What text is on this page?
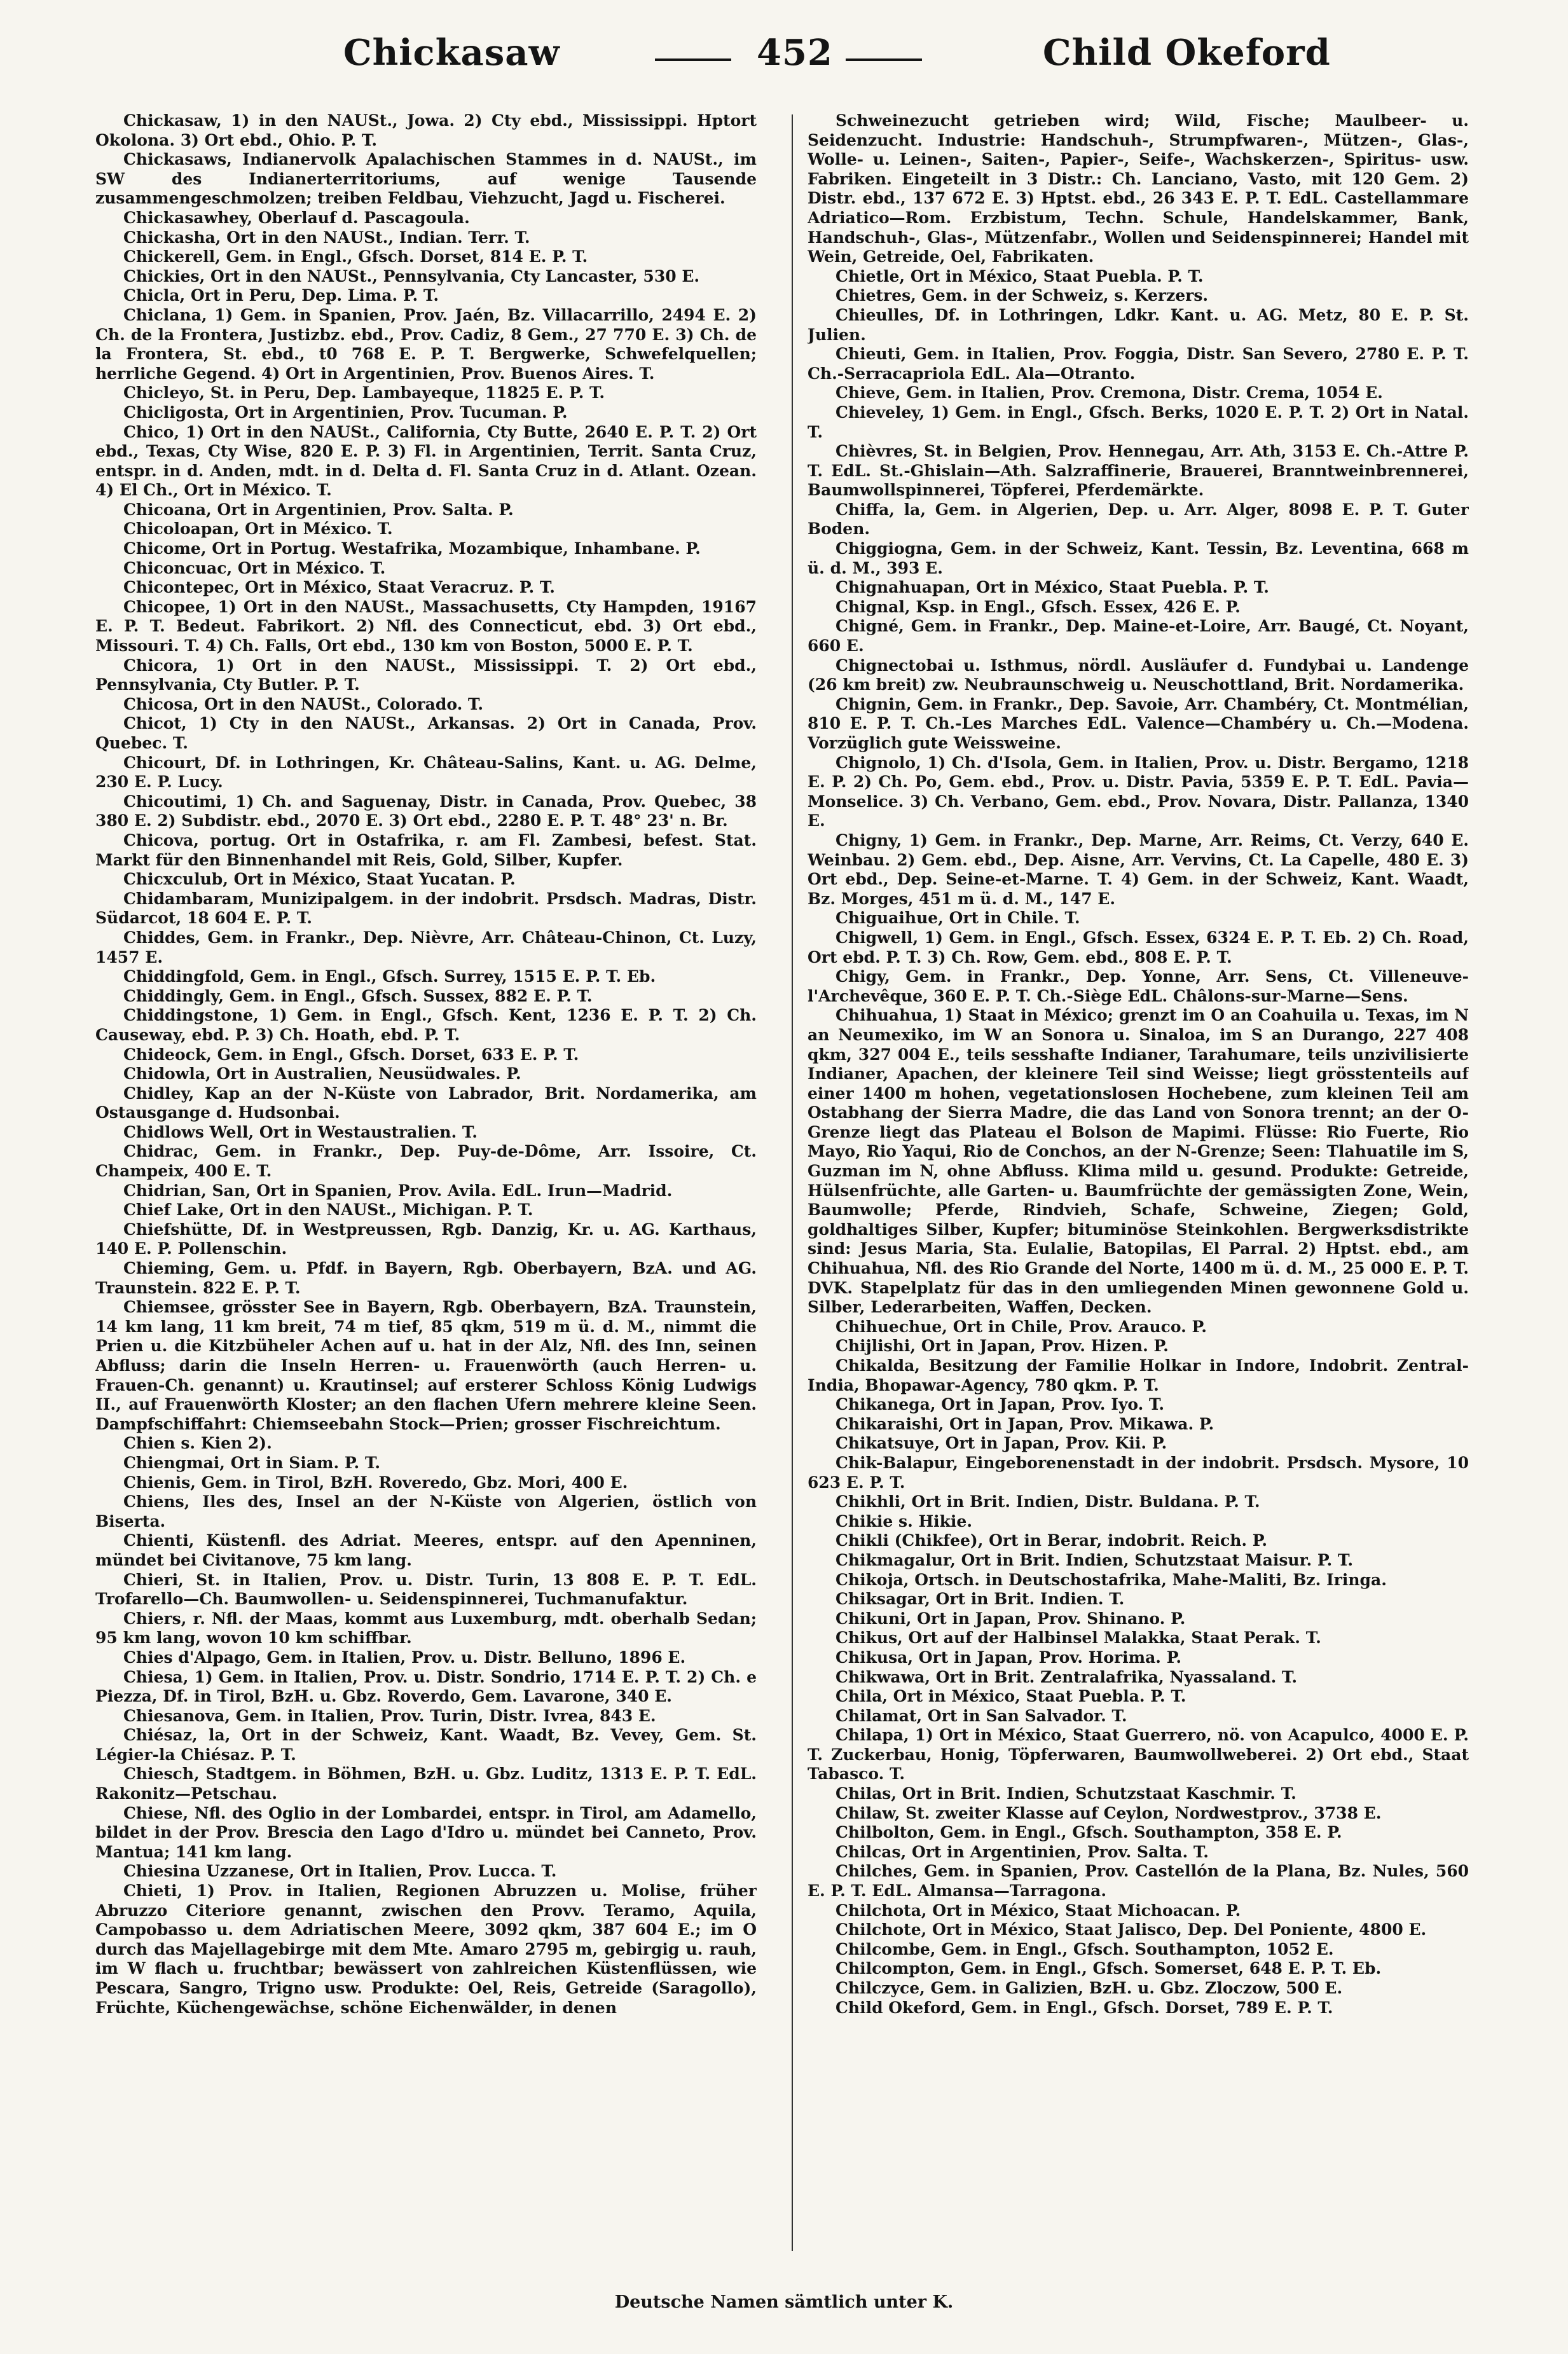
Chickasaw	452	Child Okeford

Chickasaw, 1) in den NAUSt., Jowa. 2) Cty ebd., Mississippi. Hptort Okolona. 3) Ort ebd., Ohio. P. T.

Chickasaws, Indianervolk Apalachischen Stammes in d. NAUSt., im SW des Indianerterritoriums, auf wenige Tausende zusammengeschmolzen; treiben Feldbau, Viehzucht, Jagd u. Fischerei.

Chickasawhey, Oberlauf d. Pascagoula.

Chickasha, Ort in den NAUSt., Indian. Terr. T.

Chickerell, Gem. in Engl., Gfsch. Dorset, 814 E. P. T.

Chickies, Ort in den NAUSt., Pennsylvania, Cty Lancaster, 530 E.

Chicla, Ort in Peru, Dep. Lima. P. T.

Chiclana, 1) Gem. in Spanien, Prov. Jaén, Bz. Villacarrillo, 2494 E. 2) Ch. de la Frontera, Justizbz. ebd., Prov. Cadiz, 8 Gem., 27 770 E. 3) Ch. de la Frontera, St. ebd., t0 768 E. P. T. Bergwerke, Schwefelquellen; herrliche Gegend. 4) Ort in Argentinien, Prov. Buenos Aires. T.

Chicleyo, St. in Peru, Dep. Lambayeque, 11825 E. P. T.

Chicligosta, Ort in Argentinien, Prov. Tucuman. P.

Chico, 1) Ort in den NAUSt., California, Cty Butte, 2640 E. P. T. 2) Ort ebd., Texas, Cty Wise, 820 E. P. 3) Fl. in Argentinien, Territ. Santa Cruz, entspr. in d. Anden, mdt. in d. Delta d. Fl. Santa Cruz in d. Atlant. Ozean. 4) El Ch., Ort in México. T.

Chicoana, Ort in Argentinien, Prov. Salta. P.

Chicoloapan, Ort in México. T.

Chicome, Ort in Portug. Westafrika, Mozambique, Inhambane. P.

Chiconcuac, Ort in México. T.

Chicontepec, Ort in México, Staat Veracruz. P. T.

Chicopee, 1) Ort in den NAUSt., Massachusetts, Cty Hampden, 19167 E. P. T. Bedeut. Fabrikort. 2) Nfl. des Connecticut, ebd. 3) Ort ebd., Missouri. T. 4) Ch. Falls, Ort ebd., 130 km von Boston, 5000 E. P. T.

Chicora, 1) Ort in den NAUSt., Mississippi. T. 2) Ort ebd., Pennsylvania, Cty Butler. P. T.

Chicosa, Ort in den NAUSt., Colorado. T.

Chicot, 1) Cty in den NAUSt., Arkansas. 2) Ort in Canada, Prov. Quebec. T.

Chicourt, Df. in Lothringen, Kr. Château-Salins, Kant. u. AG. Delme, 230 E. P. Lucy.

Chicoutimi, 1) Ch. and Saguenay, Distr. in Canada, Prov. Quebec, 38 380 E. 2) Subdistr. ebd., 2070 E. 3) Ort ebd., 2280 E. P. T. 48° 23' n. Br.

Chicova, portug. Ort in Ostafrika, r. am Fl. Zambesi, befest. Stat. Markt für den Binnenhandel mit Reis, Gold, Silber, Kupfer.

Chicxculub, Ort in México, Staat Yucatan. P.

Chidambaram, Munizipalgem. in der indobrit. Prsdsch. Madras, Distr. Südarcot, 18 604 E. P. T.

Chiddes, Gem. in Frankr., Dep. Nièvre, Arr. Château-Chinon, Ct. Luzy, 1457 E.

Chiddingfold, Gem. in Engl., Gfsch. Surrey, 1515 E. P. T. Eb.

Chiddingly, Gem. in Engl., Gfsch. Sussex, 882 E. P. T.

Chiddingstone, 1) Gem. in Engl., Gfsch. Kent, 1236 E. P. T. 2) Ch. Causeway, ebd. P. 3) Ch. Hoath, ebd. P. T.

Chideock, Gem. in Engl., Gfsch. Dorset, 633 E. P. T.

Chidowla, Ort in Australien, Neusüdwales. P.

Chidley, Kap an der N-Küste von Labrador, Brit. Nordamerika, am Ostausgange d. Hudsonbai.

Chidlows Well, Ort in Westaustralien. T.

Chidrac, Gem. in Frankr., Dep. Puy-de-Dôme, Arr. Issoire, Ct. Champeix, 400 E. T.

Chidrian, San, Ort in Spanien, Prov. Avila. EdL. Irun—Madrid.

Chief Lake, Ort in den NAUSt., Michigan. P. T.

Chiefshütte, Df. in Westpreussen, Rgb. Danzig, Kr. u. AG. Karthaus, 140 E. P. Pollenschin.

Chieming, Gem. u. Pfdf. in Bayern, Rgb. Oberbayern, BzA. und AG. Traunstein. 822 E. P. T.

Chiemsee, grösster See in Bayern, Rgb. Oberbayern, BzA. Traunstein, 14 km lang, 11 km breit, 74 m tief, 85 qkm, 519 m ü. d. M., nimmt die Prien u. die Kitzbüheler Achen auf u. hat in der Alz, Nfl. des Inn, seinen Abfluss; darin die Inseln Herren- u. Frauenwörth (auch Herren- u. Frauen-Ch. genannt) u. Krautinsel; auf ersterer Schloss König Ludwigs II., auf Frauenwörth Kloster; an den flachen Ufern mehrere kleine Seen. Dampfschiffahrt: Chiemseebahn Stock—Prien; grosser Fischreichtum.

Chien s. Kien 2).

Chiengmai, Ort in Siam. P. T.

Chienis, Gem. in Tirol, BzH. Roveredo, Gbz. Mori, 400 E.

Chiens, Iles des, Insel an der N-Küste von Algerien, östlich von Biserta.

Chienti, Küstenfl. des Adriat. Meeres, entspr. auf den Apenninen, mündet bei Civitanove, 75 km lang.

Chieri, St. in Italien, Prov. u. Distr. Turin, 13 808 E. P. T. EdL. Trofarello—Ch. Baumwollen- u. Seidenspinnerei, Tuchmanufaktur.

Chiers, r. Nfl. der Maas, kommt aus Luxemburg, mdt. oberhalb Sedan; 95 km lang, wovon 10 km schiffbar.

Chies d'Alpago, Gem. in Italien, Prov. u. Distr. Belluno, 1896 E.

Chiesa, 1) Gem. in Italien, Prov. u. Distr. Sondrio, 1714 E. P. T. 2) Ch. e Piezza, Df. in Tirol, BzH. u. Gbz. Roverdo, Gem. Lavarone, 340 E.

Chiesanova, Gem. in Italien, Prov. Turin, Distr. Ivrea, 843 E.

Chiésaz, la, Ort in der Schweiz, Kant. Waadt, Bz. Vevey, Gem. St. Légier-la Chiésaz. P. T.

Chiesch, Stadtgem. in Böhmen, BzH. u. Gbz. Luditz, 1313 E. P. T. EdL. Rakonitz—Petschau.

Chiese, Nfl. des Oglio in der Lombardei, entspr. in Tirol, am Adamello, bildet in der Prov. Brescia den Lago d'Idro u. mündet bei Canneto, Prov. Mantua; 141 km lang.

Chiesina Uzzanese, Ort in Italien, Prov. Lucca. T.

Chieti, 1) Prov. in Italien, Regionen Abruzzen u. Molise, früher Abruzzo Citeriore genannt, zwischen den Provv. Teramo, Aquila, Campobasso u. dem Adriatischen Meere, 3092 qkm, 387 604 E.; im O durch das Majellagebirge mit dem Mte. Amaro 2795 m, gebirgig u. rauh, im W flach u. fruchtbar; bewässert von zahlreichen Küstenflüssen, wie Pescara, Sangro, Trigno usw. Produkte: Oel, Reis, Getreide (Saragollo), Früchte, Küchengewächse, schöne Eichenwälder, in denen

Schweinezucht getrieben wird; Wild, Fische; Maulbeer- u. Seidenzucht. Industrie: Handschuh-, Strumpfwaren-, Mützen-, Glas-, Wolle- u. Leinen-, Saiten-, Papier-, Seife-, Wachskerzen-, Spiritus- usw. Fabriken. Eingeteilt in 3 Distr.: Ch. Lanciano, Vasto, mit 120 Gem. 2) Distr. ebd., 137 672 E. 3) Hptst. ebd., 26 343 E. P. T. EdL. Castellammare Adriatico—Rom. Erzbistum, Techn. Schule, Handelskammer, Bank, Handschuh-, Glas-, Mützenfabr., Wollen und Seidenspinnerei; Handel mit Wein, Getreide, Oel, Fabrikaten.

Chietle, Ort in México, Staat Puebla. P. T.

Chietres, Gem. in der Schweiz, s. Kerzers.

Chieulles, Df. in Lothringen, Ldkr. Kant. u. AG. Metz, 80 E. P. St. Julien.

Chieuti, Gem. in Italien, Prov. Foggia, Distr. San Severo, 2780 E. P. T. Ch.-Serracapriola EdL. Ala—Otranto.

Chieve, Gem. in Italien, Prov. Cremona, Distr. Crema, 1054 E.

Chieveley, 1) Gem. in Engl., Gfsch. Berks, 1020 E. P. T. 2) Ort in Natal. T.

Chièvres, St. in Belgien, Prov. Hennegau, Arr. Ath, 3153 E. Ch.-Attre P. T. EdL. St.-Ghislain—Ath. Salzraffinerie, Brauerei, Branntweinbrennerei, Baumwollspinnerei, Töpferei, Pferdemärkte.

Chiffa, la, Gem. in Algerien, Dep. u. Arr. Alger, 8098 E. P. T. Guter Boden.

Chiggiogna, Gem. in der Schweiz, Kant. Tessin, Bz. Leventina, 668 m ü. d. M., 393 E.

Chignahuapan, Ort in México, Staat Puebla. P. T.

Chignal, Ksp. in Engl., Gfsch. Essex, 426 E. P.

Chigné, Gem. in Frankr., Dep. Maine-et-Loire, Arr. Baugé, Ct. Noyant, 660 E.

Chignectobai u. Isthmus, nördl. Ausläufer d. Fundybai u. Landenge (26 km breit) zw. Neubraunschweig u. Neuschottland, Brit. Nordamerika.

Chignin, Gem. in Frankr., Dep. Savoie, Arr. Chambéry, Ct. Montmélian, 810 E. P. T. Ch.-Les Marches EdL. Valence—Chambéry u. Ch.—Modena. Vorzüglich gute Weissweine.

Chignolo, 1) Ch. d'Isola, Gem. in Italien, Prov. u. Distr. Bergamo, 1218 E. P. 2) Ch. Po, Gem. ebd., Prov. u. Distr. Pavia, 5359 E. P. T. EdL. Pavia—Monselice. 3) Ch. Verbano, Gem. ebd., Prov. Novara, Distr. Pallanza, 1340 E.

Chigny, 1) Gem. in Frankr., Dep. Marne, Arr. Reims, Ct. Verzy, 640 E. Weinbau. 2) Gem. ebd., Dep. Aisne, Arr. Vervins, Ct. La Capelle, 480 E. 3) Ort ebd., Dep. Seine-et-Marne. T. 4) Gem. in der Schweiz, Kant. Waadt, Bz. Morges, 451 m ü. d. M., 147 E.

Chiguaihue, Ort in Chile. T.

Chigwell, 1) Gem. in Engl., Gfsch. Essex, 6324 E. P. T. Eb. 2) Ch. Road, Ort ebd. P. T. 3) Ch. Row, Gem. ebd., 808 E. P. T.

Chigy, Gem. in Frankr., Dep. Yonne, Arr. Sens, Ct. Villeneuve-l'Archevêque, 360 E. P. T. Ch.-Siège EdL. Châlons-sur-Marne—Sens.

Chihuahua, 1) Staat in México; grenzt im O an Coahuila u. Texas, im N an Neumexiko, im W an Sonora u. Sinaloa, im S an Durango, 227 408 qkm, 327 004 E., teils sesshafte Indianer, Tarahumare, teils unzivilisierte Indianer, Apachen, der kleinere Teil sind Weisse; liegt grösstenteils auf einer 1400 m hohen, vegetationslosen Hochebene, zum kleinen Teil am Ostabhang der Sierra Madre, die das Land von Sonora trennt; an der O-Grenze liegt das Plateau el Bolson de Mapimi. Flüsse: Rio Fuerte, Rio Mayo, Rio Yaqui, Rio de Conchos, an der N-Grenze; Seen: Tlahuatile im S, Guzman im N, ohne Abfluss. Klima mild u. gesund. Produkte: Getreide, Hülsenfrüchte, alle Garten- u. Baumfrüchte der gemässigten Zone, Wein, Baumwolle; Pferde, Rindvieh, Schafe, Schweine, Ziegen; Gold, goldhaltiges Silber, Kupfer; bituminöse Steinkohlen. Bergwerksdistrikte sind: Jesus Maria, Sta. Eulalie, Batopilas, El Parral. 2) Hptst. ebd., am Chihuahua, Nfl. des Rio Grande del Norte, 1400 m ü. d. M., 25 000 E. P. T. DVK. Stapelplatz für das in den umliegenden Minen gewonnene Gold u. Silber, Lederarbeiten, Waffen, Decken.

Chihuechue, Ort in Chile, Prov. Arauco. P.

Chijlishi, Ort in Japan, Prov. Hizen. P.

Chikalda, Besitzung der Familie Holkar in Indore, Indobrit. Zentral-India, Bhopawar-Agency, 780 qkm. P. T.

Chikanega, Ort in Japan, Prov. Iyo. T.

Chikaraishi, Ort in Japan, Prov. Mikawa. P.

Chikatsuye, Ort in Japan, Prov. Kii. P.

Chik-Balapur, Eingeborenenstadt in der indobrit. Prsdsch. Mysore, 10 623 E. P. T.

Chikhli, Ort in Brit. Indien, Distr. Buldana. P. T.

Chikie s. Hikie.

Chikli (Chikfee), Ort in Berar, indobrit. Reich. P.

Chikmagalur, Ort in Brit. Indien, Schutzstaat Maisur. P. T.

Chikoja, Ortsch. in Deutschostafrika, Mahe-Maliti, Bz. Iringa.

Chiksagar, Ort in Brit. Indien. T.

Chikuni, Ort in Japan, Prov. Shinano. P.

Chikus, Ort auf der Halbinsel Malakka, Staat Perak. T.

Chikusa, Ort in Japan, Prov. Horima. P.

Chikwawa, Ort in Brit. Zentralafrika, Nyassaland. T.

Chila, Ort in México, Staat Puebla. P. T.

Chilamat, Ort in San Salvador. T.

Chilapa, 1) Ort in México, Staat Guerrero, nö. von Acapulco, 4000 E. P. T. Zuckerbau, Honig, Töpferwaren, Baumwollweberei. 2) Ort ebd., Staat Tabasco. T.

Chilas, Ort in Brit. Indien, Schutzstaat Kaschmir. T.

Chilaw, St. zweiter Klasse auf Ceylon, Nordwestprov., 3738 E.

Chilbolton, Gem. in Engl., Gfsch. Southampton, 358 E. P.

Chilcas, Ort in Argentinien, Prov. Salta. T.

Chilches, Gem. in Spanien, Prov. Castellón de la Plana, Bz. Nules, 560 E. P. T. EdL. Almansa—Tarragona.

Chilchota, Ort in México, Staat Michoacan. P.

Chilchote, Ort in México, Staat Jalisco, Dep. Del Poniente, 4800 E.

Chilcombe, Gem. in Engl., Gfsch. Southampton, 1052 E.

Chilcompton, Gem. in Engl., Gfsch. Somerset, 648 E. P. T. Eb.

Chilczyce, Gem. in Galizien, BzH. u. Gbz. Zloczow, 500 E.

Child Okeford, Gem. in Engl., Gfsch. Dorset, 789 E. P. T.

Deutsche Namen sämtlich unter K.
